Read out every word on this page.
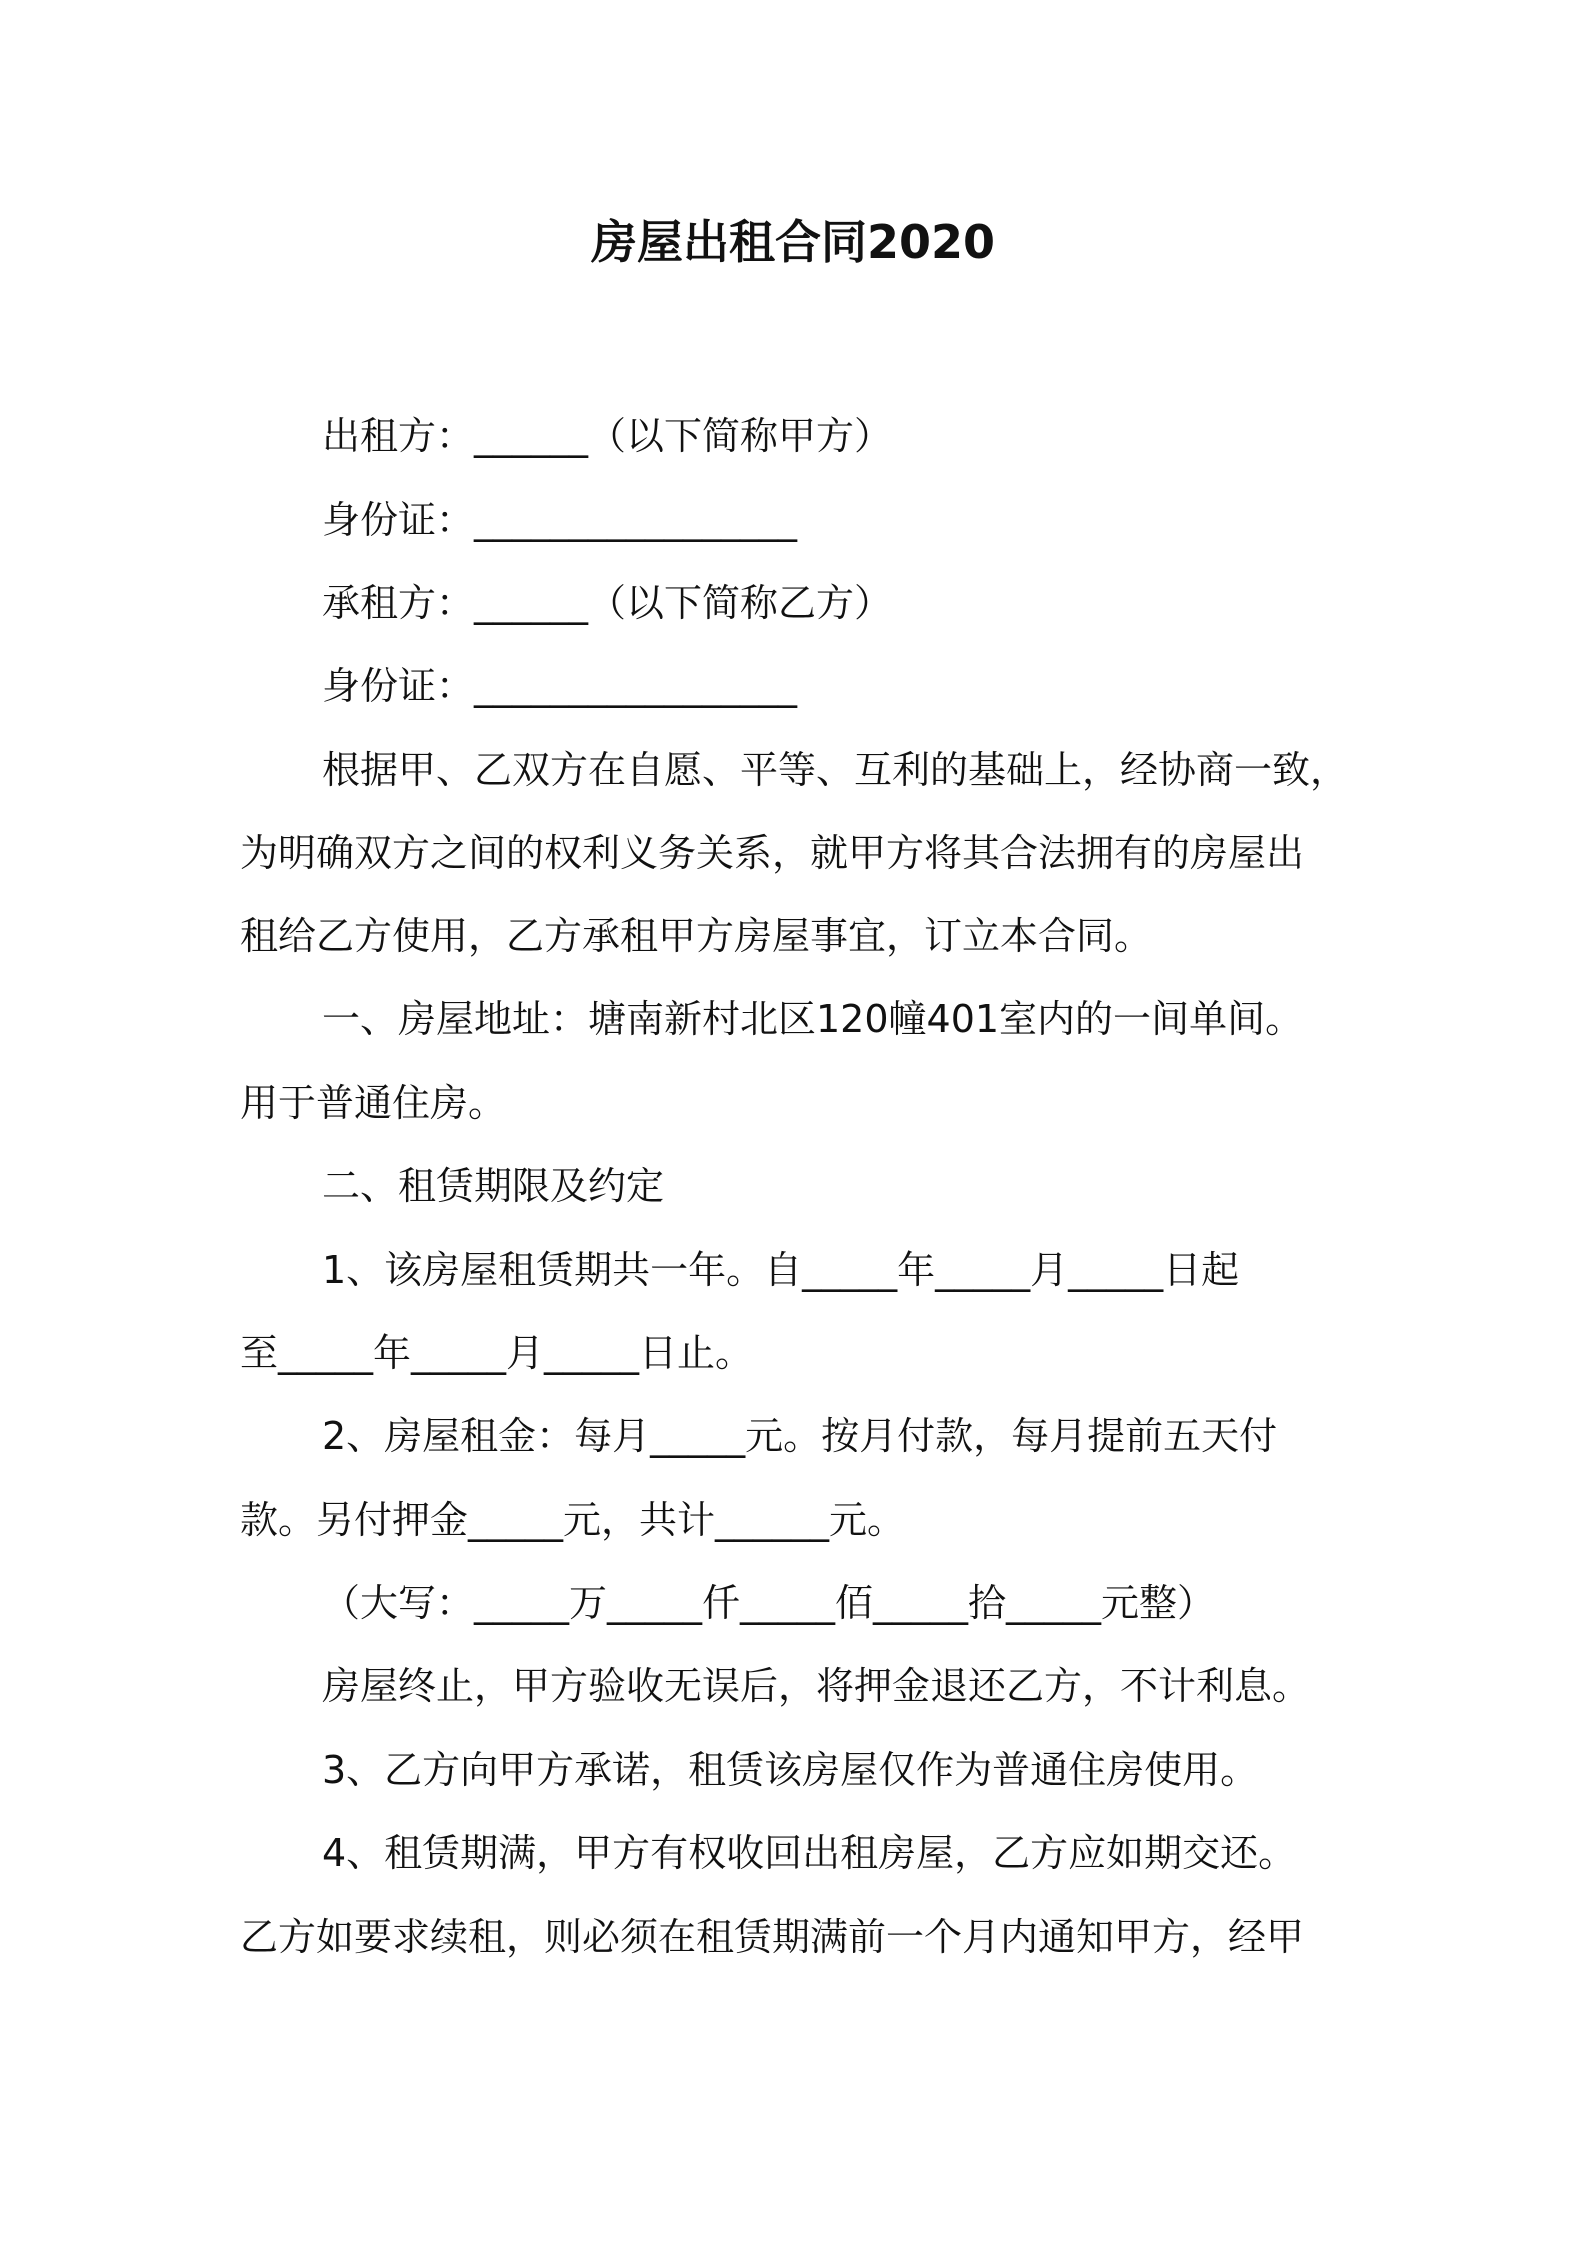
房屋出租合同2020
出租方：______（以下简称甲方）
身份证：_________________
承租方：______（以下简称乙方）
身份证：_________________
根据甲、乙双方在自愿、平等、互利的基础上，经协商一致，
为明确双方之间的权利义务关系，就甲方将其合法拥有的房屋出
租给乙方使用，乙方承租甲方房屋事宜，订立本合同。
一、房屋地址：塘南新村北区120幢401室内的一间单间。
用于普通住房。
二、租赁期限及约定
1、该房屋租赁期共一年。自_____年_____月_____日起
至_____年_____月_____日止。
2、房屋租金：每月_____元。按月付款，每月提前五天付
款。另付押金_____元，共计______元。
（大写：_____万_____仟_____佰_____拾_____元整）
房屋终止，甲方验收无误后，将押金退还乙方，不计利息。
3、乙方向甲方承诺，租赁该房屋仅作为普通住房使用。
4、租赁期满，甲方有权收回出租房屋，乙方应如期交还。
乙方如要求续租，则必须在租赁期满前一个月内通知甲方，经甲
